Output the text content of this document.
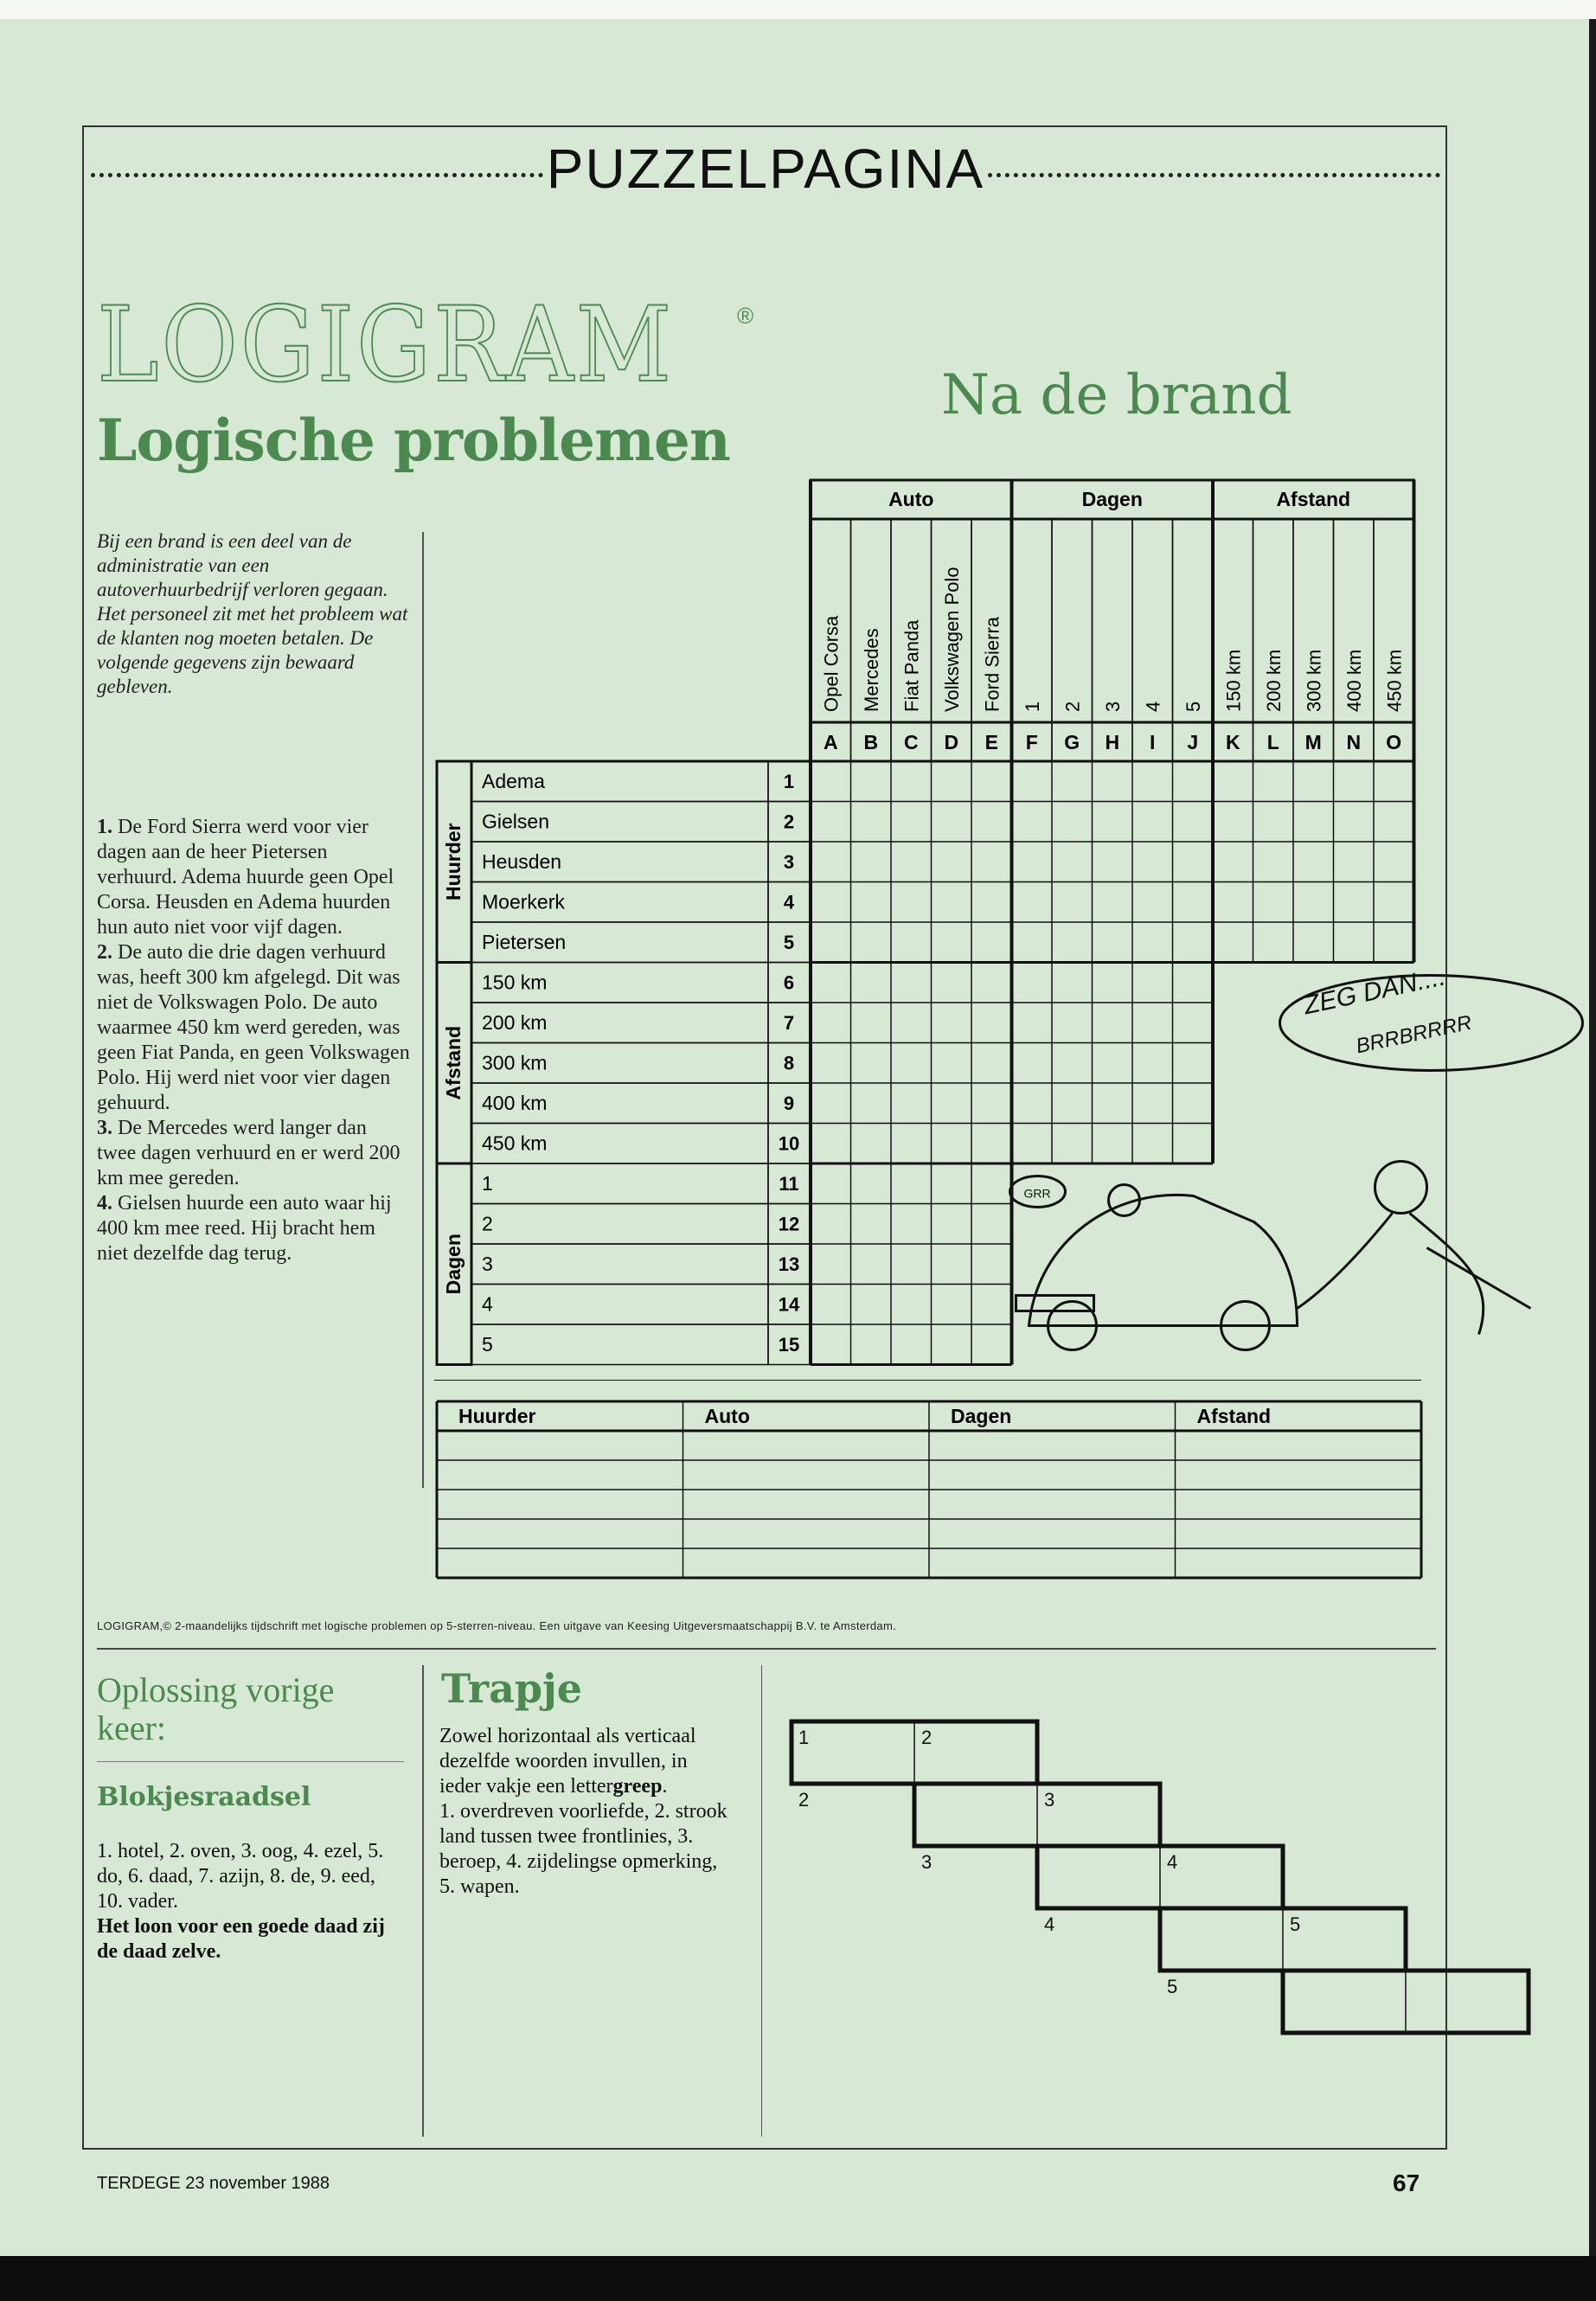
PUZZELPAGINA
LOGIGRAM	®
Logische problemen
Na de brand
Bij een brand is een deel van de administratie van een autoverhuurbedrijf verloren gegaan. Het personeel zit met het probleem wat de klanten nog moeten betalen. De volgende gegevens zijn bewaard gebleven.

1. De Ford Sierra werd voor vier dagen aan de heer Pietersen verhuurd. Adema huurde geen Opel Corsa. Heusden en Adema huurden hun auto niet voor vijf dagen.

2. De auto die drie dagen verhuurd was, heeft 300 km afgelegd. Dit was niet de Volkswagen Polo. De auto waarmee 450 km werd gereden, was geen Fiat Panda, en geen Volkswagen Polo. Hij werd niet voor vier dagen gehuurd.

3. De Mercedes werd langer dan twee dagen verhuurd en er werd 200 km mee gereden.

4. Gielsen huurde een auto waar hij 400 km mee reed. Hij bracht hem niet dezelfde dag terug.

Auto	Dagen	Afstand
Opel Corsa
A
Mercedes
B
Fiat Panda
C
Volkswagen Polo
D
Ford Sierra
E
1
F
2
G
3
H
4
I
5
J
150 km
K
200 km
L
300 km
M
400 km
N
450 km
O
Huurder
Afstand
Dagen
Adema	1
Gielsen	2
Heusden	3
Moerkerk	4
Pietersen	5
150 km	6
200 km	7
300 km	8
400 km	9
450 km	10
1	11
2	12
3	13
4	14
5	15
ZEG DAN....
BRRBRRRR
GRR
Huurder	Auto	Dagen	Afstand
LOGIGRAM,© 2-maandelijks tijdschrift met logische problemen op 5-sterren-niveau. Een uitgave van Keesing Uitgeversmaatschappij B.V. te Amsterdam.
Oplossing vorige keer:
Blokjesraadsel

1. hotel, 2. oven, 3. oog, 4. ezel, 5. do, 6. daad, 7. azijn, 8. de, 9. eed, 10. vader.

Het loon voor een goede daad zij de daad zelve.

Trapje

Zowel horizontaal als verticaal dezelfde woorden invullen, in ieder vakje een lettergreep.

1. overdreven voorliefde, 2. strook land tussen twee frontlinies, 3. beroep, 4. zijdelingse opmerking, 5. wapen.

1	2
2	3
3	4
4	5
5
TERDEGE 23 november 1988	67
